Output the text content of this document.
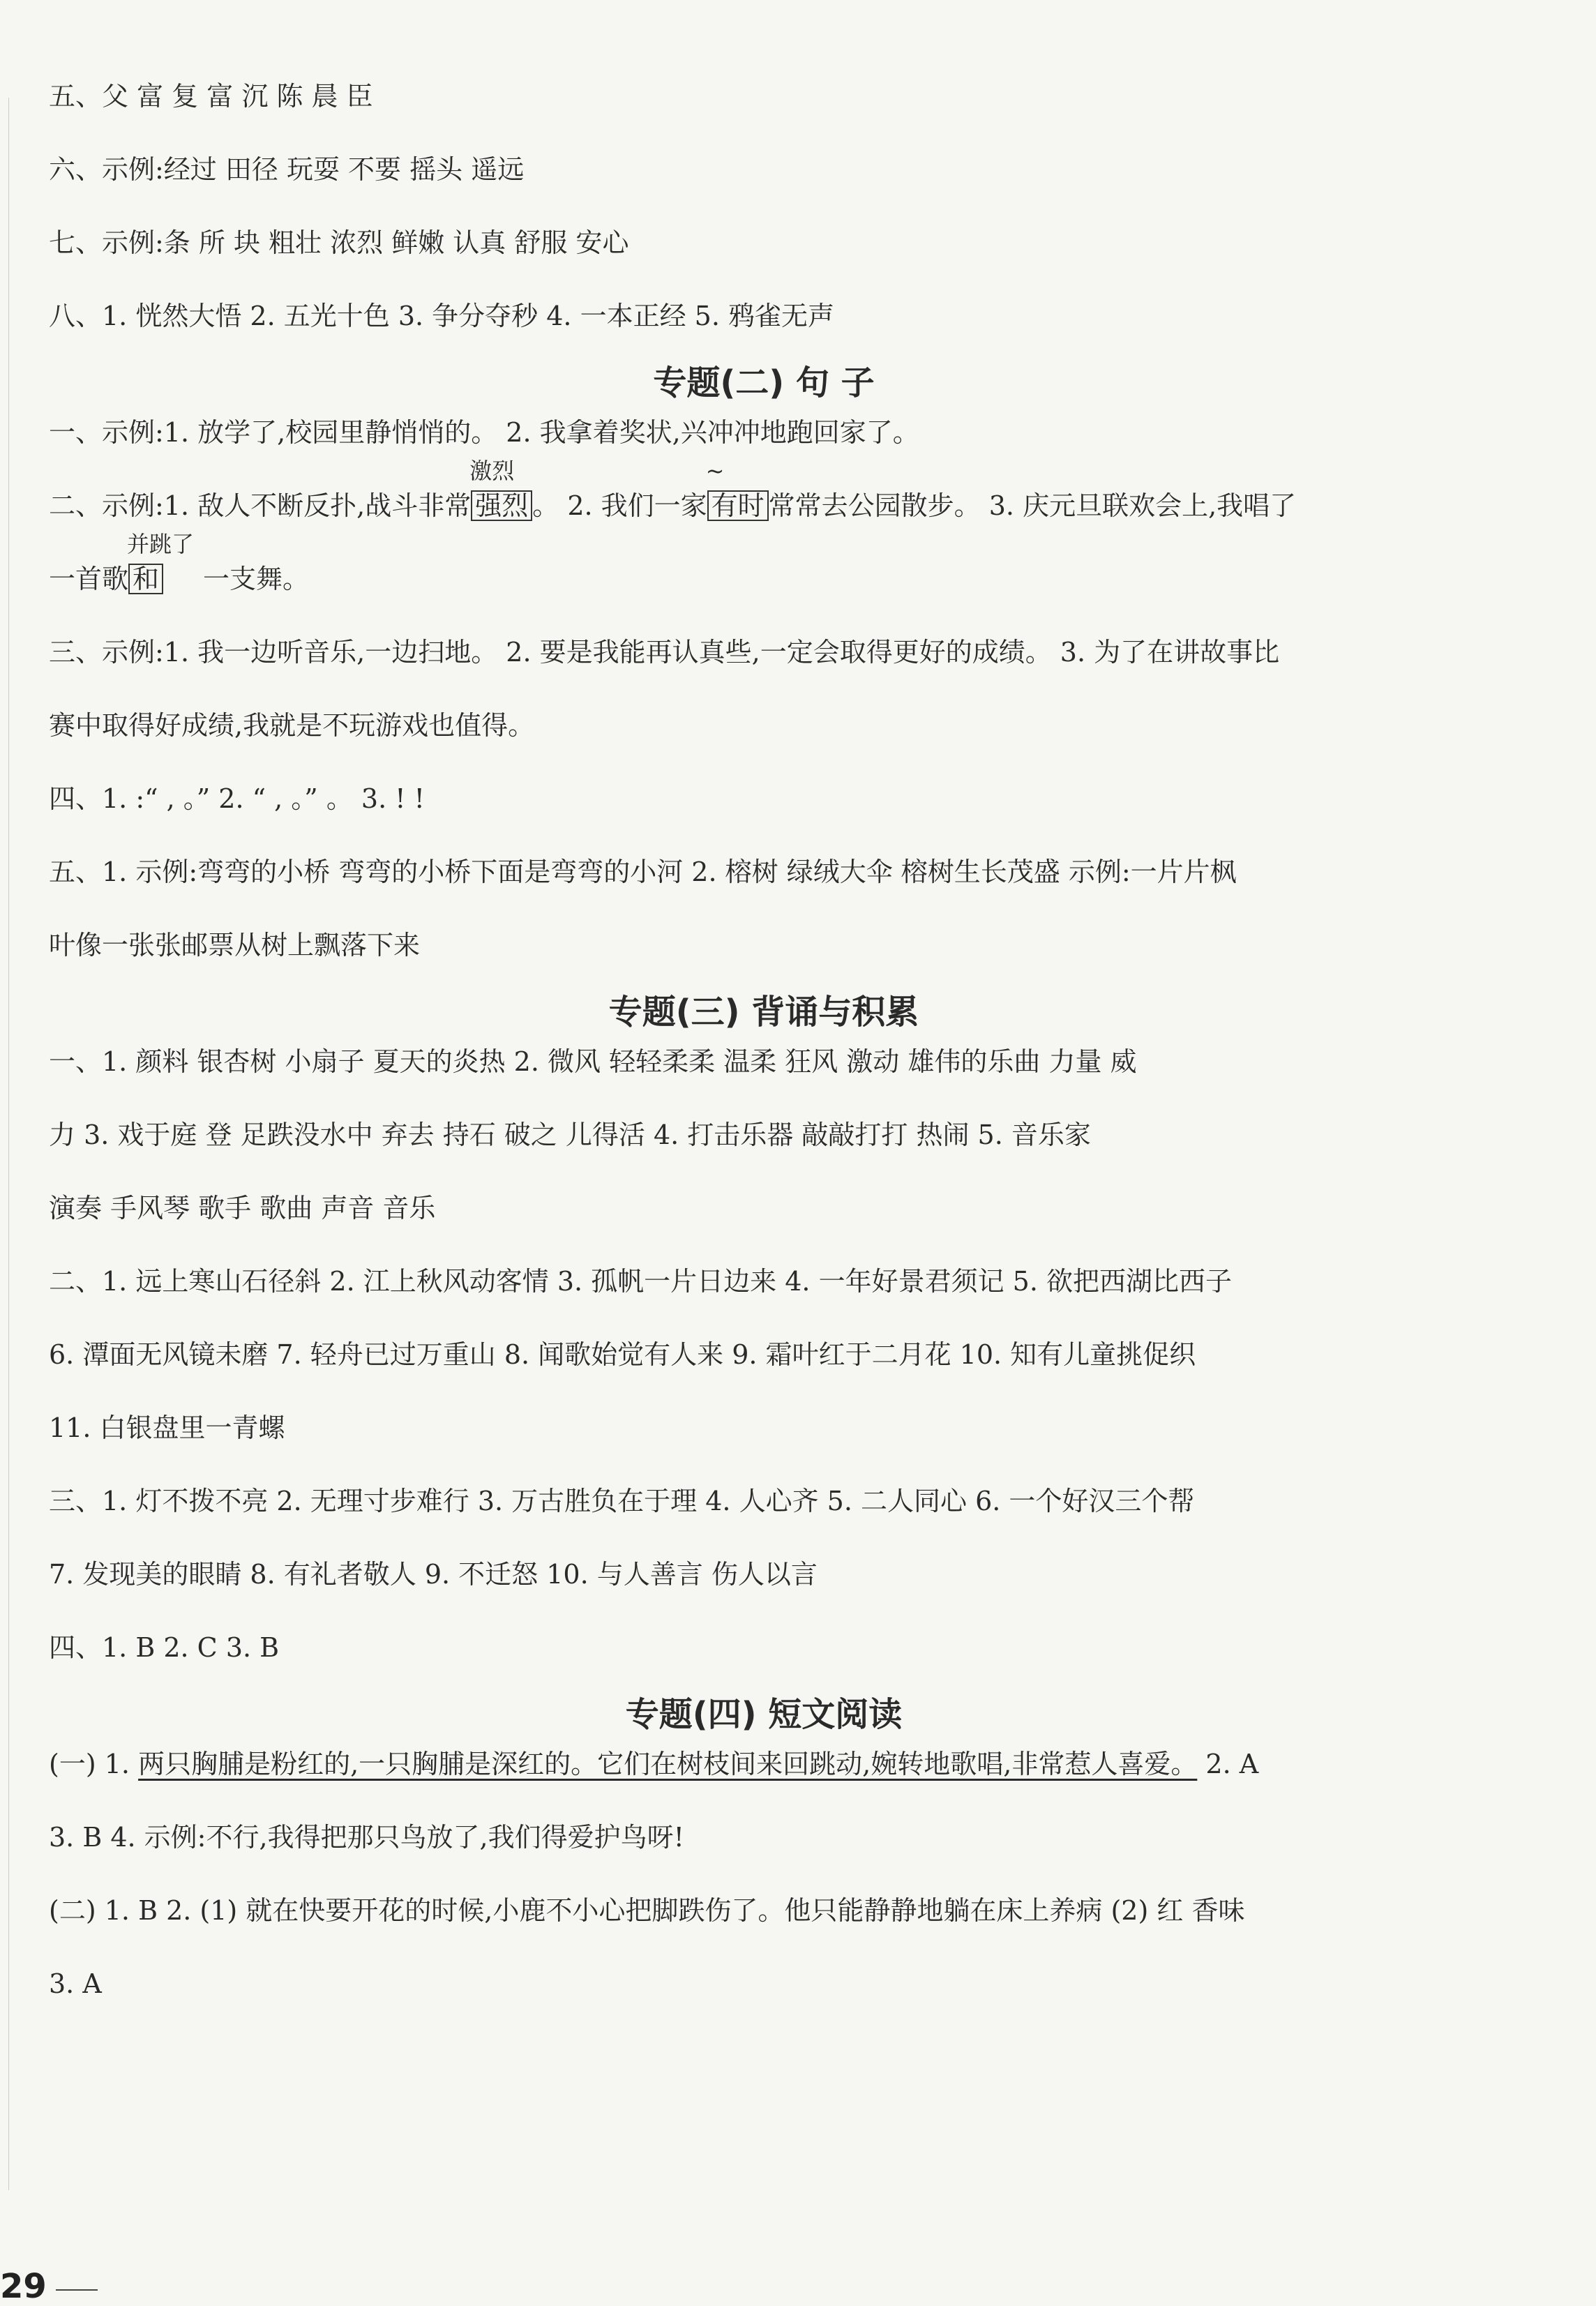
五、父 富 复 富 沉 陈 晨 臣
六、示例:经过 田径 玩耍 不要 摇头 遥远
七、示例:条 所 块 粗壮 浓烈 鲜嫩 认真 舒服 安心
八、1. 恍然大悟 2. 五光十色 3. 争分夺秒 4. 一本正经 5. 鸦雀无声
专题(二) 句 子
一、示例:1. 放学了,校园里静悄悄的。 2. 我拿着奖状,兴冲冲地跑回家了。
二、示例:1. 敌人不断反扑,战斗非常
激烈
强烈 。 2. 我们一家
~
有时 常常去公园散步。 3. 庆元旦联欢会上,我唱了
一首歌
并跳了
和 一支舞。
三、示例:1. 我一边听音乐,一边扫地。 2. 要是我能再认真些,一定会取得更好的成绩。 3. 为了在讲故事比
赛中取得好成绩,我就是不玩游戏也值得。
四、1. :“ , 。” 2. “ , 。” 。 3. ! !
五、1. 示例:弯弯的小桥 弯弯的小桥下面是弯弯的小河 2. 榕树 绿绒大伞 榕树生长茂盛 示例:一片片枫
叶像一张张邮票从树上飘落下来
专题(三) 背诵与积累
一、1. 颜料 银杏树 小扇子 夏天的炎热 2. 微风 轻轻柔柔 温柔 狂风 激动 雄伟的乐曲 力量 威
力 3. 戏于庭 登 足跌没水中 弃去 持石 破之 儿得活 4. 打击乐器 敲敲打打 热闹 5. 音乐家
演奏 手风琴 歌手 歌曲 声音 音乐
二、1. 远上寒山石径斜 2. 江上秋风动客情 3. 孤帆一片日边来 4. 一年好景君须记 5. 欲把西湖比西子
6. 潭面无风镜未磨 7. 轻舟已过万重山 8. 闻歌始觉有人来 9. 霜叶红于二月花 10. 知有儿童挑促织
11. 白银盘里一青螺
三、1. 灯不拨不亮 2. 无理寸步难行 3. 万古胜负在于理 4. 人心齐 5. 二人同心 6. 一个好汉三个帮
7. 发现美的眼睛 8. 有礼者敬人 9. 不迁怒 10. 与人善言 伤人以言
四、1. B 2. C 3. B
专题(四) 短文阅读
(一) 1. 两只胸脯是粉红的,一只胸脯是深红的。它们在树枝间来回跳动,婉转地歌唱,非常惹人喜爱。 2. A
3. B 4. 示例:不行,我得把那只鸟放了,我们得爱护鸟呀!
(二) 1. B 2. (1) 就在快要开花的时候,小鹿不小心把脚跌伤了。他只能静静地躺在床上养病 (2) 红 香味
3. A
29
